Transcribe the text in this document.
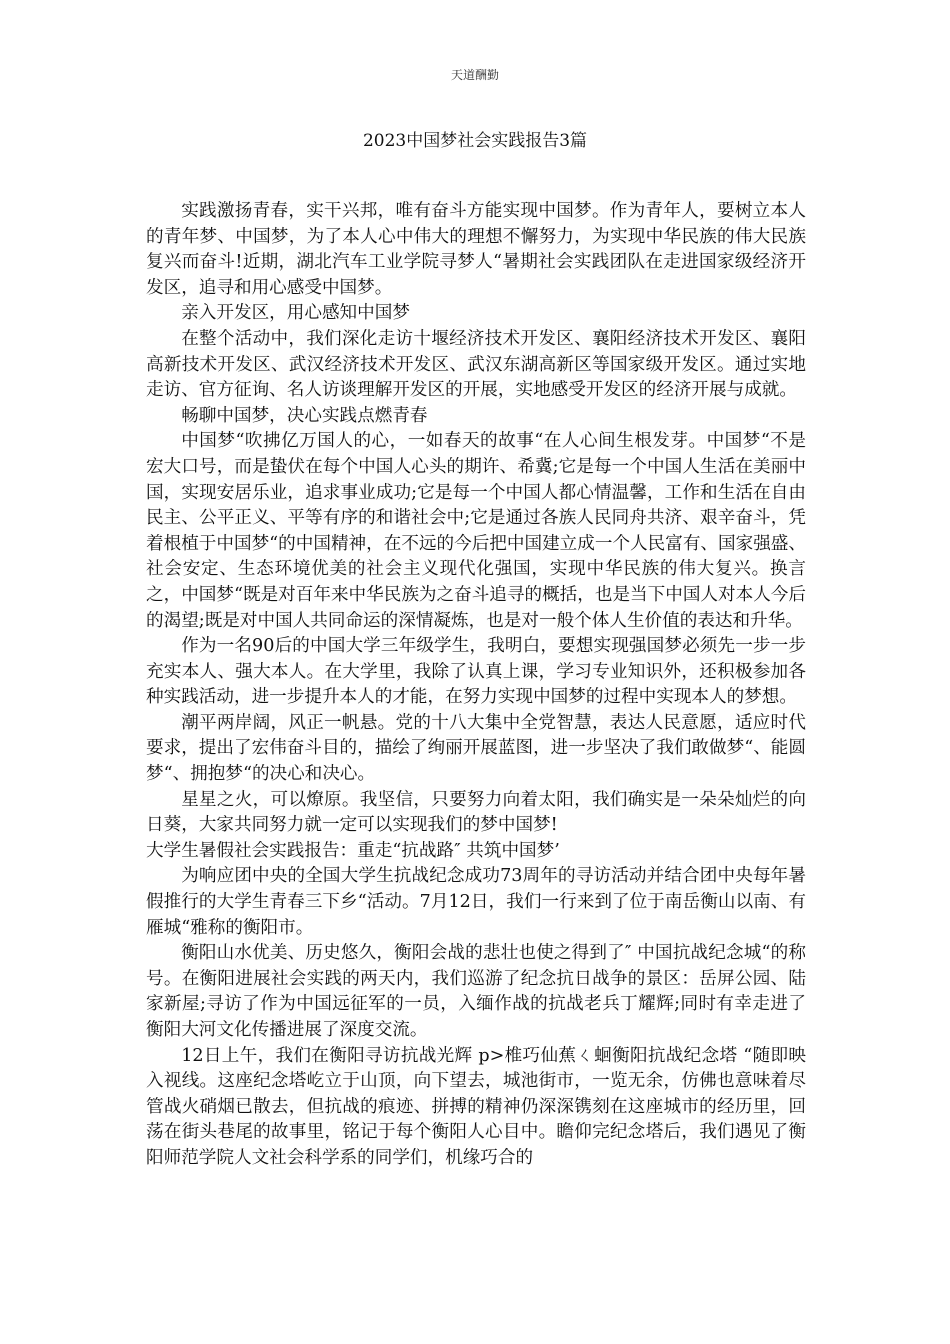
天道酬勤
2023中国梦社会实践报告3篇

实践激扬青春，实干兴邦，唯有奋斗方能实现中国梦。作为青年人，要树立本人的青年梦、中国梦，为了本人心中伟大的理想不懈努力，为实现中华民族的伟大民族复兴而奋斗!近期，湖北汽车工业学院寻梦人“暑期社会实践团队在走进国家级经济开发区，追寻和用心感受中国梦。

亲入开发区，用心感知中国梦

在整个活动中，我们深化走访十堰经济技术开发区、襄阳经济技术开发区、襄阳高新技术开发区、武汉经济技术开发区、武汉东湖高新区等国家级开发区。通过实地走访、官方征询、名人访谈理解开发区的开展，实地感受开发区的经济开展与成就。

畅聊中国梦，决心实践点燃青春

中国梦“吹拂亿万国人的心，一如春天的故事“在人心间生根发芽。中国梦“不是宏大口号，而是蛰伏在每个中国人心头的期许、希冀;它是每一个中国人生活在美丽中国，实现安居乐业，追求事业成功;它是每一个中国人都心情温馨，工作和生活在自由民主、公平正义、平等有序的和谐社会中;它是通过各族人民同舟共济、艰辛奋斗，凭着根植于中国梦“的中国精神，在不远的今后把中国建立成一个人民富有、国家强盛、社会安定、生态环境优美的社会主义现代化强国，实现中华民族的伟大复兴。换言之，中国梦“既是对百年来中华民族为之奋斗追寻的概括，也是当下中国人对本人今后的渴望;既是对中国人共同命运的深情凝炼，也是对一般个体人生价值的表达和升华。

作为一名90后的中国大学三年级学生，我明白，要想实现强国梦必须先一步一步充实本人、强大本人。在大学里，我除了认真上课，学习专业知识外，还积极参加各种实践活动，进一步提升本人的才能，在努力实现中国梦的过程中实现本人的梦想。

潮平两岸阔，风正一帆悬。党的十八大集中全党智慧，表达人民意愿，适应时代要求，提出了宏伟奋斗目的，描绘了绚丽开展蓝图，进一步坚决了我们敢做梦“、能圆梦“、拥抱梦“的决心和决心。

星星之火，可以燎原。我坚信，只要努力向着太阳，我们确实是一朵朵灿烂的向日葵，大家共同努力就一定可以实现我们的梦中国梦!

大学生暑假社会实践报告：重走“抗战路″ 共筑中国梦’

为响应团中央的全国大学生抗战纪念成功73周年的寻访活动并结合团中央每年暑假推行的大学生青春三下乡“活动。7月12日，我们一行来到了位于南岳衡山以南、有雁城“雅称的衡阳市。

衡阳山水优美、历史悠久，衡阳会战的悲壮也使之得到了″ 中国抗战纪念城“的称号。在衡阳进展社会实践的两天内，我们巡游了纪念抗日战争的景区：岳屏公园、陆家新屋;寻访了作为中国远征军的一员，入缅作战的抗战老兵丁耀辉;同时有幸走进了衡阳大河文化传播进展了深度交流。

12日上午，我们在衡阳寻访抗战光辉 p>椎巧仙蕉ㄑ蛔衡阳抗战纪念塔 “随即映入视线。这座纪念塔屹立于山顶，向下望去，城池街市，一览无余，仿佛也意味着尽管战火硝烟已散去，但抗战的痕迹、拼搏的精神仍深深镌刻在这座城市的经历里，回荡在街头巷尾的故事里，铭记于每个衡阳人心目中。瞻仰完纪念塔后，我们遇见了衡阳师范学院人文社会科学系的同学们，机缘巧合的
